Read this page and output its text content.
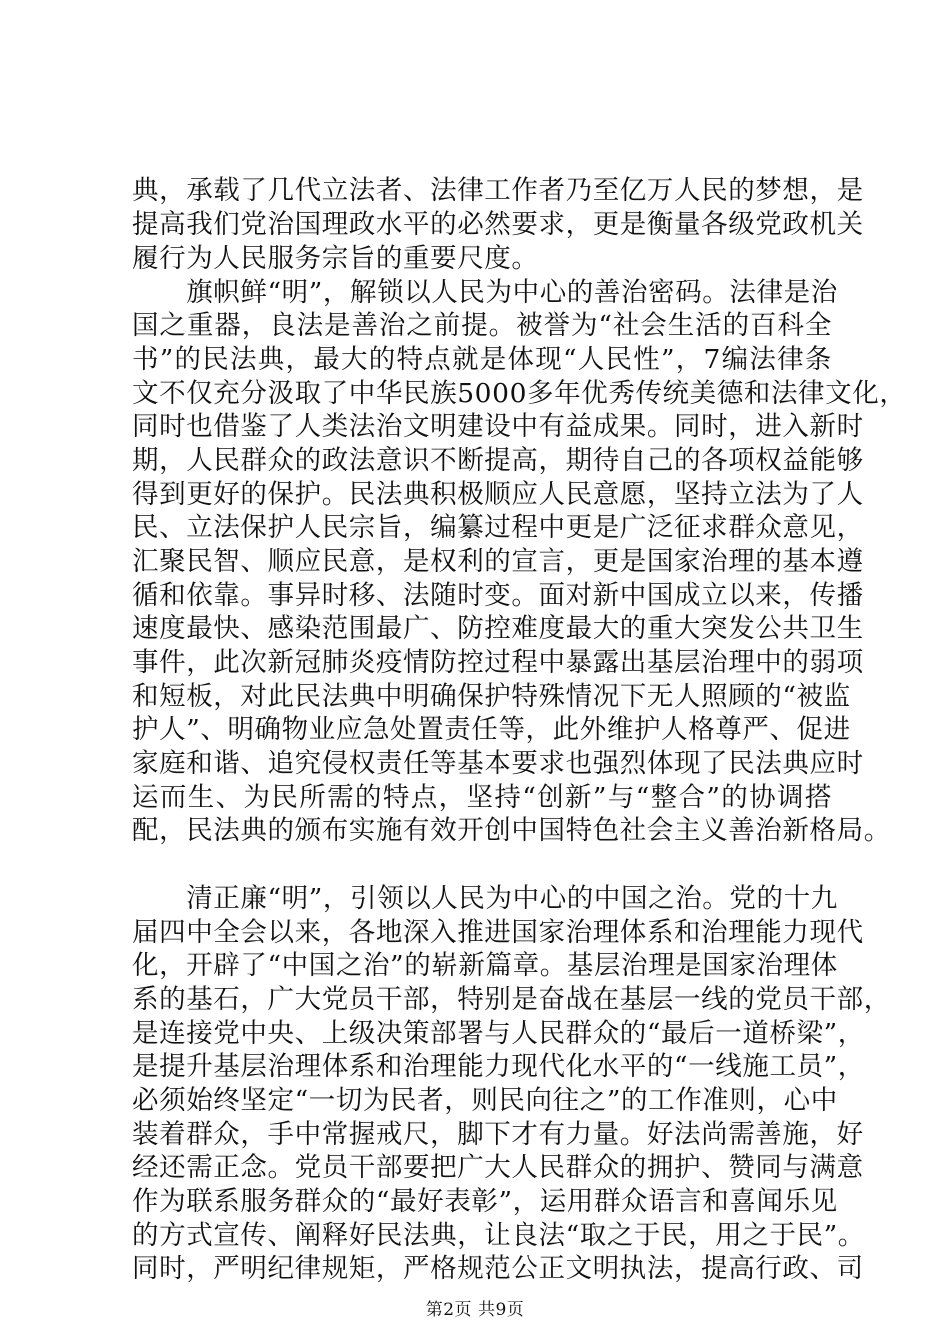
典，承载了几代立法者、法律工作者乃至亿万人民的梦想，是
提高我们党治国理政水平的必然要求，更是衡量各级党政机关
履行为人民服务宗旨的重要尺度。
　　旗帜鲜“明”，解锁以人民为中心的善治密码。法律是治
国之重器，良法是善治之前提。被誉为“社会生活的百科全
书”的民法典，最大的特点就是体现“人民性”，7编法律条
文不仅充分汲取了中华民族5000多年优秀传统美德和法律文化，
同时也借鉴了人类法治文明建设中有益成果。同时，进入新时
期，人民群众的政法意识不断提高，期待自己的各项权益能够
得到更好的保护。民法典积极顺应人民意愿，坚持立法为了人
民、立法保护人民宗旨，编纂过程中更是广泛征求群众意见，
汇聚民智、顺应民意，是权利的宣言，更是国家治理的基本遵
循和依靠。事异时移、法随时变。面对新中国成立以来，传播
速度最快、感染范围最广、防控难度最大的重大突发公共卫生
事件，此次新冠肺炎疫情防控过程中暴露出基层治理中的弱项
和短板，对此民法典中明确保护特殊情况下无人照顾的“被监
护人”、明确物业应急处置责任等，此外维护人格尊严、促进
家庭和谐、追究侵权责任等基本要求也强烈体现了民法典应时
运而生、为民所需的特点，坚持“创新”与“整合”的协调搭
配，民法典的颁布实施有效开创中国特色社会主义善治新格局。
　　清正廉“明”，引领以人民为中心的中国之治。党的十九
届四中全会以来，各地深入推进国家治理体系和治理能力现代
化，开辟了“中国之治”的崭新篇章。基层治理是国家治理体
系的基石，广大党员干部，特别是奋战在基层一线的党员干部，
是连接党中央、上级决策部署与人民群众的“最后一道桥梁”，
是提升基层治理体系和治理能力现代化水平的“一线施工员”，
必须始终坚定“一切为民者，则民向往之”的工作准则，心中
装着群众，手中常握戒尺，脚下才有力量。好法尚需善施，好
经还需正念。党员干部要把广大人民群众的拥护、赞同与满意
作为联系服务群众的“最好表彰”，运用群众语言和喜闻乐见
的方式宣传、阐释好民法典，让良法“取之于民，用之于民”。
同时，严明纪律规矩，严格规范公正文明执法，提高行政、司
第2页 共9页
